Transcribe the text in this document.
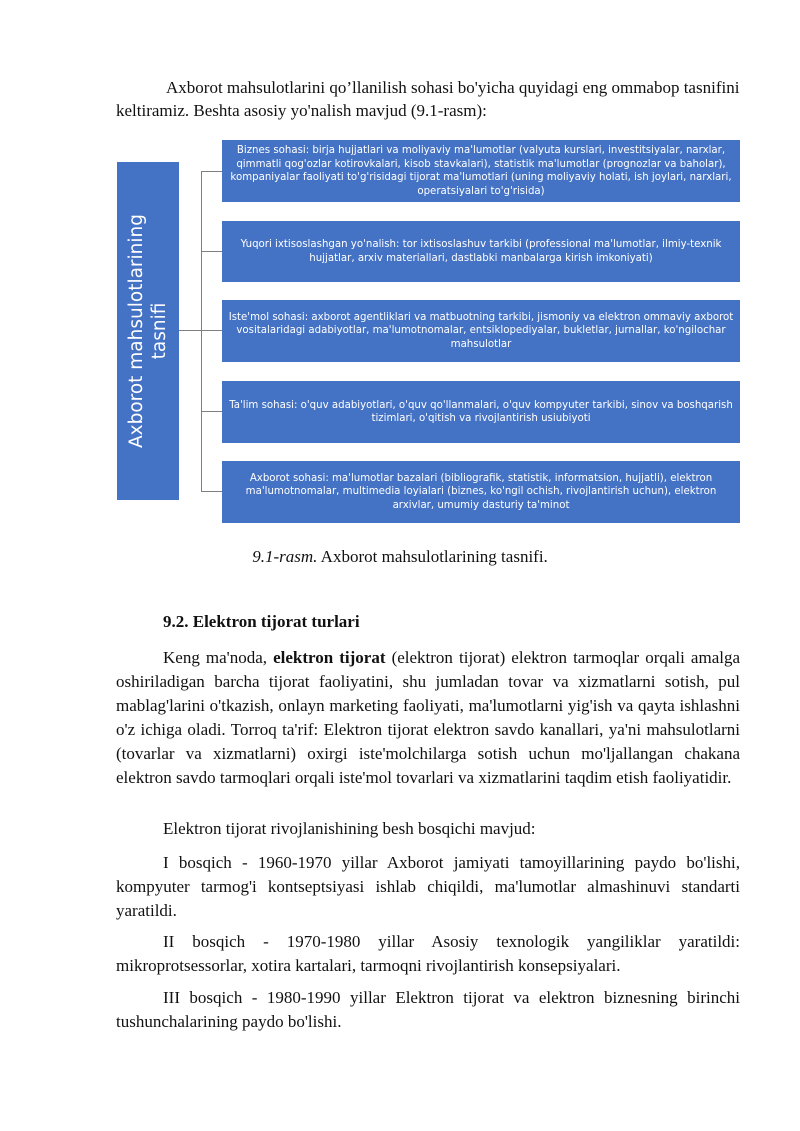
Axborot mahsulotlarini qo’llanilish sohasi bo'yicha quyidagi eng ommabop tasnifini keltiramiz. Beshta asosiy yo'nalish mavjud (9.1-rasm):

Axborot mahsulotlarining tasnifi
Biznes sohasi: birja hujjatlari va moliyaviy ma'lumotlar (valyuta kurslari, investitsiyalar, narxlar, qimmatli qog'ozlar kotirovkalari, kisob stavkalari), statistik ma'lumotlar (prognozlar va baholar), kompaniyalar faoliyati to'g'risidagi tijorat ma'lumotlari (uning moliyaviy holati, ish joylari, narxlari, operatsiyalari to'g'risida)
Yuqori ixtisoslashgan yo'nalish: tor ixtisoslashuv tarkibi (professional ma'lumotlar, ilmiy-texnik hujjatlar, arxiv materiallari, dastlabki manbalarga kirish imkoniyati)
Iste'mol sohasi: axborot agentliklari va matbuotning tarkibi, jismoniy va elektron ommaviy axborot vositalaridagi adabiyotlar, ma'lumotnomalar, entsiklopediyalar, bukletlar, jurnallar, ko'ngilochar mahsulotlar
Ta'lim sohasi: o'quv adabiyotlari, o'quv qo'llanmalari, o'quv kompyuter tarkibi, sinov va boshqarish tizimlari, o'qitish va rivojlantirish usiubiyoti
Axborot sohasi: ma'lumotlar bazalari (bibliografik, statistik, informatsion, hujjatli), elektron ma'lumotnomalar, multimedia loyialari (biznes, ko'ngil ochish, rivojlantirish uchun), elektron arxivlar, umumiy dasturiy ta'minot

9.1-rasm. Axborot mahsulotlarining tasnifi.

9.2. Elektron tijorat turlari

Keng ma'noda, elektron tijorat (elektron tijorat) elektron tarmoqlar orqali amalga oshiriladigan barcha tijorat faoliyatini, shu jumladan tovar va xizmatlarni sotish, pul mablag'larini o'tkazish, onlayn marketing faoliyati, ma'lumotlarni yig'ish va qayta ishlashni o'z ichiga oladi. Torroq ta'rif: Elektron tijorat elektron savdo kanallari, ya'ni mahsulotlarni (tovarlar va xizmatlarni) oxirgi iste'molchilarga sotish uchun mo'ljallangan chakana elektron savdo tarmoqlari orqali iste'mol tovarlari va xizmatlarini taqdim etish faoliyatidir.

Elektron tijorat rivojlanishining besh bosqichi mavjud:

I bosqich - 1960-1970 yillar Axborot jamiyati tamoyillarining paydo bo'lishi, kompyuter tarmog'i kontseptsiyasi ishlab chiqildi, ma'lumotlar almashinuvi standarti yaratildi.

II bosqich - 1970-1980 yillar Asosiy texnologik yangiliklar yaratildi: mikroprotsessorlar, xotira kartalari, tarmoqni rivojlantirish konsepsiyalari.

III bosqich - 1980-1990 yillar Elektron tijorat va elektron biznesning birinchi tushunchalarining paydo bo'lishi.
